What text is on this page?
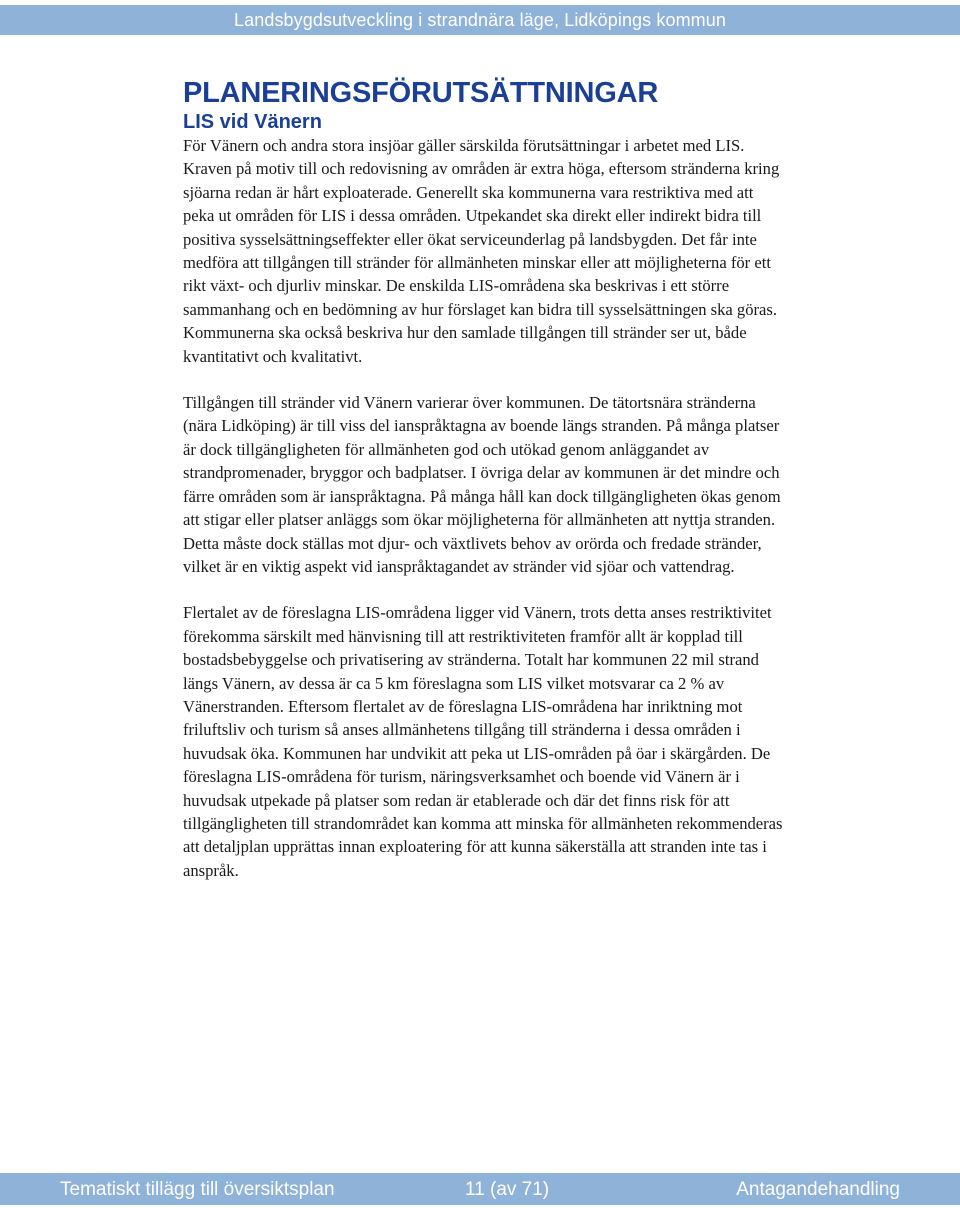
Landsbygdsutveckling i strandnära läge, Lidköpings kommun
PLANERINGSFÖRUTSÄTTNINGAR
LIS vid Vänern

För Vänern och andra stora insjöar gäller särskilda förutsättningar i arbetet med LIS. Kraven på motiv till och redovisning av områden är extra höga, eftersom stränderna kring sjöarna redan är hårt exploaterade. Generellt ska kommunerna vara restriktiva med att peka ut områden för LIS i dessa områden. Utpekandet ska direkt eller indirekt bidra till positiva sysselsättningseffekter eller ökat serviceunderlag på landsbygden. Det får inte medföra att tillgången till stränder för allmänheten minskar eller att möjligheterna för ett rikt växt- och djurliv minskar. De enskilda LIS-områdena ska beskrivas i ett större sammanhang och en bedömning av hur förslaget kan bidra till sysselsättningen ska göras. Kommunerna ska också beskriva hur den samlade tillgången till stränder ser ut, både kvantitativt och kvalitativt.

Tillgången till stränder vid Vänern varierar över kommunen. De tätortsnära stränderna (nära Lidköping) är till viss del ianspråktagna av boende längs stranden. På många platser är dock tillgängligheten för allmänheten god och utökad genom anläggandet av strandpromenader, bryggor och badplatser. I övriga delar av kommunen är det mindre och färre områden som är ianspråktagna. På många håll kan dock tillgängligheten ökas genom att stigar eller platser anläggs som ökar möjligheterna för allmänheten att nyttja stranden. Detta måste dock ställas mot djur- och växtlivets behov av orörda och fredade stränder, vilket är en viktig aspekt vid ianspråktagandet av stränder vid sjöar och vattendrag.

Flertalet av de föreslagna LIS-områdena ligger vid Vänern, trots detta anses restriktivitet förekomma särskilt med hänvisning till att restriktiviteten framför allt är kopplad till bostadsbebyggelse och privatisering av stränderna. Totalt har kommunen 22 mil strand längs Vänern, av dessa är ca 5 km föreslagna som LIS vilket motsvarar ca 2 % av Vänerstranden. Eftersom flertalet av de föreslagna LIS-områdena har inriktning mot friluftsliv och turism så anses allmänhetens tillgång till stränderna i dessa områden i huvudsak öka. Kommunen har undvikit att peka ut LIS-områden på öar i skärgården. De föreslagna LIS-områdena för turism, näringsverksamhet och boende vid Vänern är i huvudsak utpekade på platser som redan är etablerade och där det finns risk för att tillgängligheten till strandområdet kan komma att minska för allmänheten rekommenderas att detaljplan upprättas innan exploatering för att kunna säkerställa att stranden inte tas i anspråk.

Tematiskt tillägg till översiktsplan	11 (av 71)	Antagandehandling
